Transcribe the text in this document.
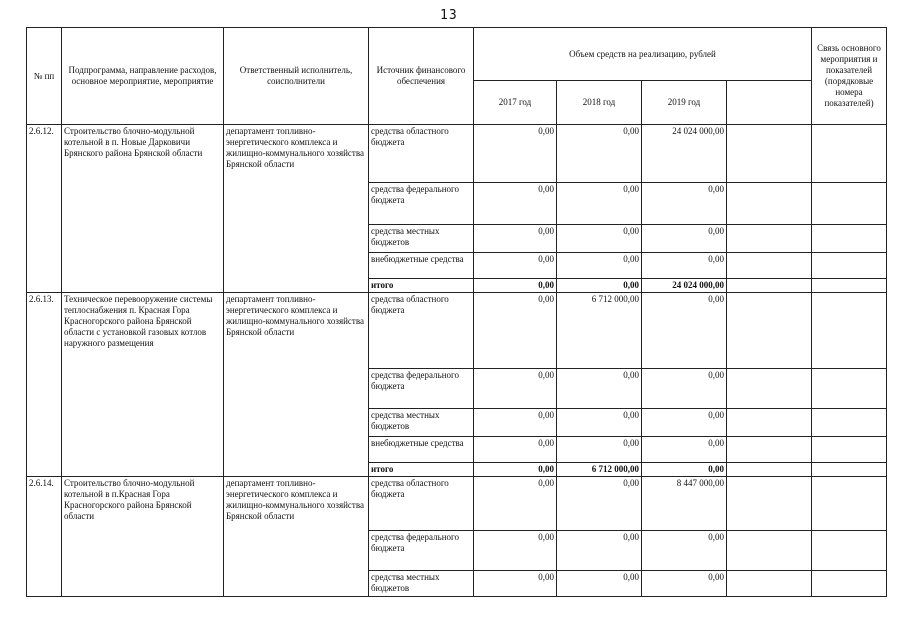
13
№ пп	Подпрограмма, направление расходов, основное мероприятие, мероприятие	Ответственный исполнитель, соисполнители	Источник финансового обеспечения	Объем средств на реализацию, рублей				Связь основного мероприятия и показателей (порядковые номера показателей)
				2017 год	2018 год	2019 год		
2.6.12.	Строительство блочно-модульной котельной в п. Новые Дарковичи Брянского района Брянской области	департамент топливно-энергетического комплекса и жилищно-коммунального хозяйства Брянской области	средства областного бюджета	0,00	0,00	24 024 000,00		
			средства федерального бюджета	0,00	0,00	0,00		
			средства местных бюджетов	0,00	0,00	0,00		
			внебюджетные средства	0,00	0,00	0,00		
			итого	0,00	0,00	24 024 000,00		
2.6.13.	Техническое перевооружение системы теплоснабжения п. Красная Гора Красногорского района Брянской области с установкой газовых котлов наружного размещения	департамент топливно-энергетического комплекса и жилищно-коммунального хозяйства Брянской области	средства областного бюджета	0,00	6 712 000,00	0,00		
			средства федерального бюджета	0,00	0,00	0,00		
			средства местных бюджетов	0,00	0,00	0,00		
			внебюджетные средства	0,00	0,00	0,00		
			итого	0,00	6 712 000,00	0,00		
2.6.14.	Строительство блочно-модульной котельной в п.Красная Гора Красногорского района Брянской области	департамент топливно-энергетического комплекса и жилищно-коммунального хозяйства Брянской области	средства областного бюджета	0,00	0,00	8 447 000,00		
			средства федерального бюджета	0,00	0,00	0,00		
			средства местных бюджетов	0,00	0,00	0,00		
